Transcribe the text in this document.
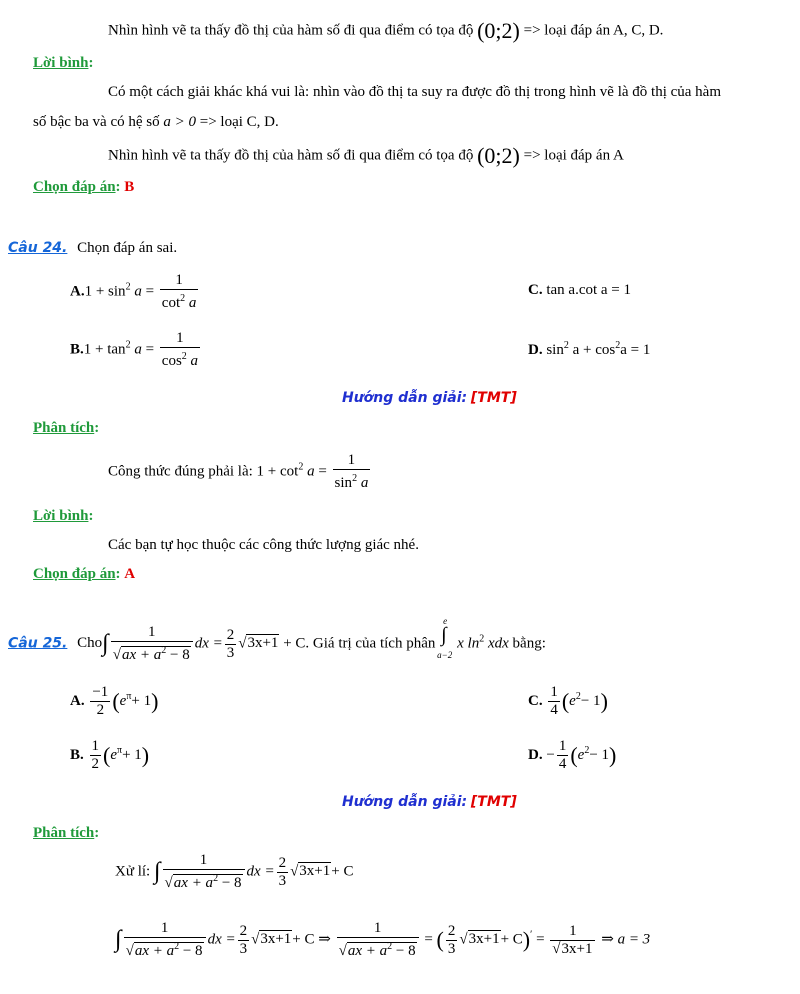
Nhìn hình vẽ ta thấy đồ thị của hàm số đi qua điểm có tọa độ (0;2) => loại đáp án A, C, D.
Lời bình:
Có một cách giải khác khá vui là: nhìn vào đồ thị ta suy ra được đồ thị trong hình vẽ là đồ thị của hàm
số bậc ba và có hệ số a > 0 => loại C, D.
Nhìn hình vẽ ta thấy đồ thị của hàm số đi qua điểm có tọa độ (0;2) => loại đáp án A
Chọn đáp án: B
Câu 24. Chọn đáp án sai.
$A.1 + \sin^2 a = \frac{1}{\cot^2 a}$	C. tan a.cot a = 1
$B.1 + \tan^2 a = \frac{1}{\cos^2 a}$	D. $\sin^2 a + \cos^2a = 1$
Hướng dẫn giải: [TMT]
Phân tích:
Công thức đúng phải là: $1 + \cot^2 a = \frac{1}{\sin^2 a}$
Lời bình:
Các bạn tự học thuộc các công thức lượng giác nhé.
Chọn đáp án: A
Câu 25. $Cho\int \frac{1}{√ax + a^2 - 8}$ dx = $\frac{2}{3} √3x+1 + C$. Giá trị của tích phân
e
∫
a−2
x $\ln^2$ xdx bằng:
A. $\frac{-1}{2} (e^\pi+ 1)$	C. $\frac{1}{4} (e^2- 1)$
B. $\frac{1}{2} (e^\pi+ 1)$	D. − $\frac{1}{4} (e^2- 1)$
Hướng dẫn giải: [TMT]
Phân tích:
Xử lí: ∫ $\frac{1}{√ax + a^2 - 8}$ dx = $\frac{2}{3} √3x+1+ C$
∫ $\frac{1}{√ax + a^2 - 8}$ dx = $\frac{2}{3} √3x+1+ C$ ⇒ $\frac{1}{√ax + a^2 - 8}$ = ( $\frac{2}{3} √3x+1+ C)' = \frac{1}{√3x+1}$ ⇒ a = 3
